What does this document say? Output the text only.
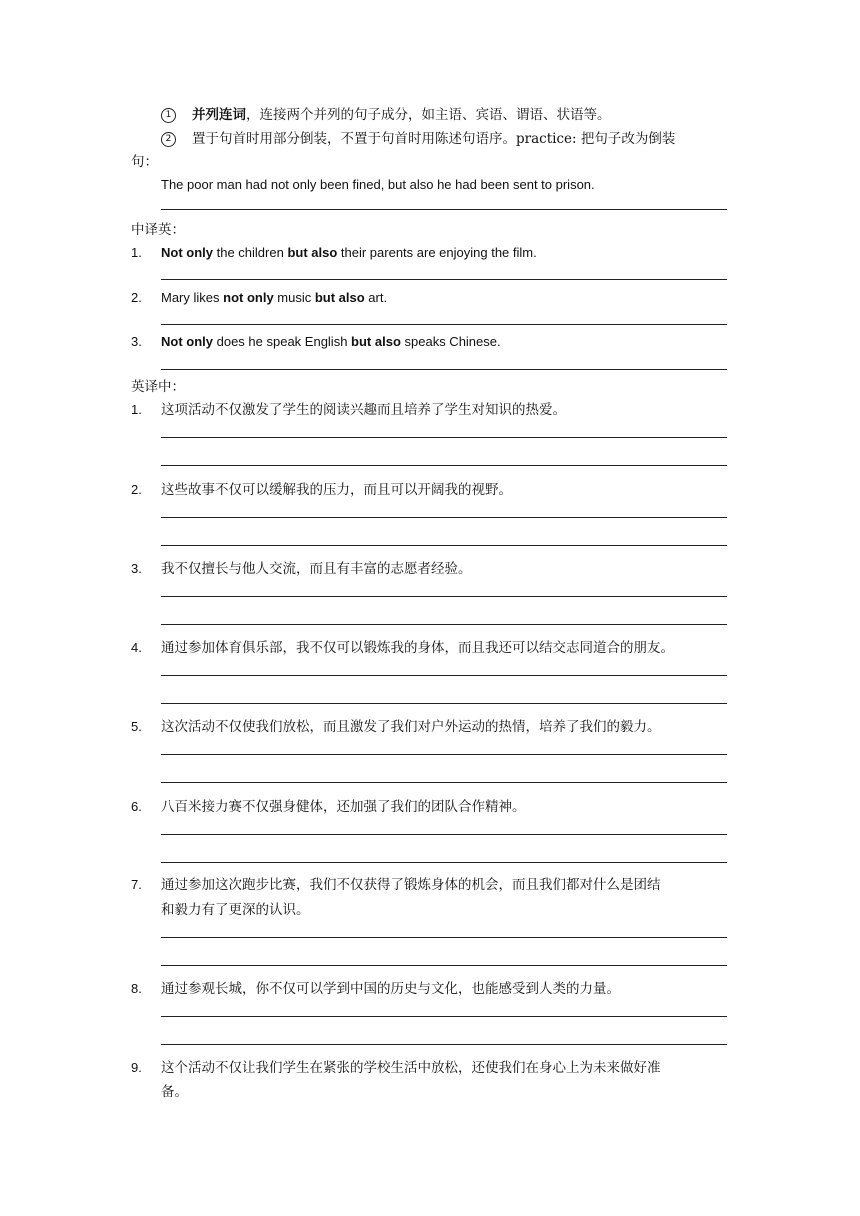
1 并列连词，连接两个并列的句子成分，如主语、宾语、谓语、状语等。
2 置于句首时用部分倒装，不置于句首时用陈述句语序。practice: 把句子改为倒装
句：
The poor man had not only been fined, but also he had been sent to prison.
中译英：
1. Not only the children but also their parents are enjoying the film.
2. Mary likes not only music but also art.
3. Not only does he speak English but also speaks Chinese.
英译中：
1. 这项活动不仅激发了学生的阅读兴趣而且培养了学生对知识的热爱。
2. 这些故事不仅可以缓解我的压力，而且可以开阔我的视野。
3. 我不仅擅长与他人交流，而且有丰富的志愿者经验。
4. 通过参加体育俱乐部，我不仅可以锻炼我的身体，而且我还可以结交志同道合的朋友。
5. 这次活动不仅使我们放松，而且激发了我们对户外运动的热情，培养了我们的毅力。
6. 八百米接力赛不仅强身健体，还加强了我们的团队合作精神。
7. 通过参加这次跑步比赛，我们不仅获得了锻炼身体的机会，而且我们都对什么是团结
和毅力有了更深的认识。
8. 通过参观长城，你不仅可以学到中国的历史与文化，也能感受到人类的力量。
9. 这个活动不仅让我们学生在紧张的学校生活中放松，还使我们在身心上为未来做好准
备。
